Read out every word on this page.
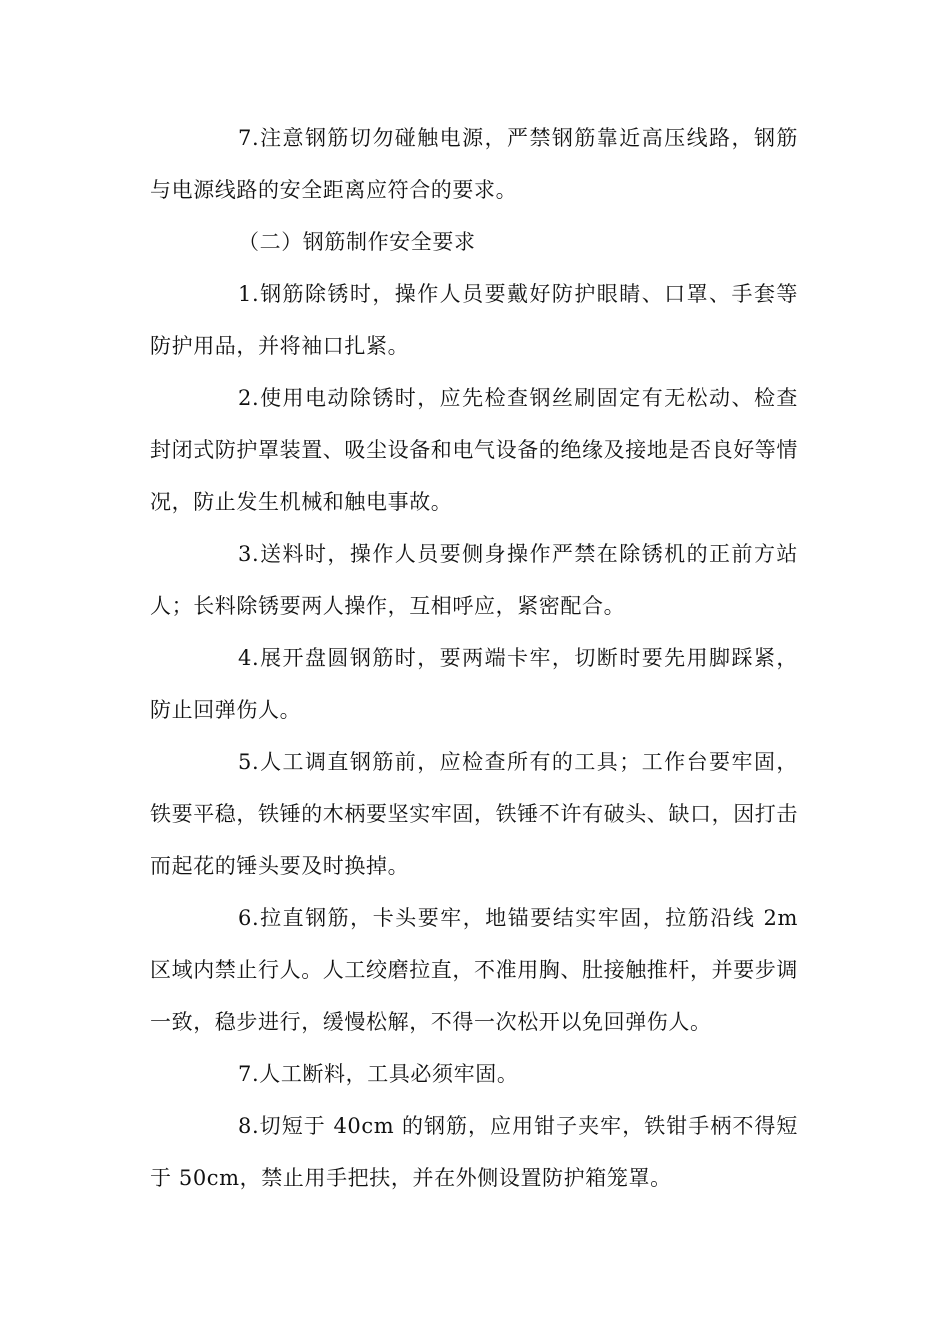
7.注意钢筋切勿碰触电源，严禁钢筋靠近高压线路，钢筋与电源线路的安全距离应符合的要求。

（二）钢筋制作安全要求

1.钢筋除锈时，操作人员要戴好防护眼睛、口罩、手套等防护用品，并将袖口扎紧。

2.使用电动除锈时，应先检查钢丝刷固定有无松动、检查封闭式防护罩装置、吸尘设备和电气设备的绝缘及接地是否良好等情况，防止发生机械和触电事故。

3.送料时，操作人员要侧身操作严禁在除锈机的正前方站人；长料除锈要两人操作，互相呼应，紧密配合。

4.展开盘圆钢筋时，要两端卡牢，切断时要先用脚踩紧，防止回弹伤人。

5.人工调直钢筋前，应检查所有的工具；工作台要牢固，铁要平稳，铁锤的木柄要坚实牢固，铁锤不许有破头、缺口，因打击而起花的锤头要及时换掉。

6.拉直钢筋，卡头要牢，地锚要结实牢固，拉筋沿线 2m 区域内禁止行人。人工绞磨拉直，不准用胸、肚接触推杆，并要步调一致，稳步进行，缓慢松解，不得一次松开以免回弹伤人。

7.人工断料，工具必须牢固。

8.切短于 40cm 的钢筋，应用钳子夹牢，铁钳手柄不得短于 50cm，禁止用手把扶，并在外侧设置防护箱笼罩。
